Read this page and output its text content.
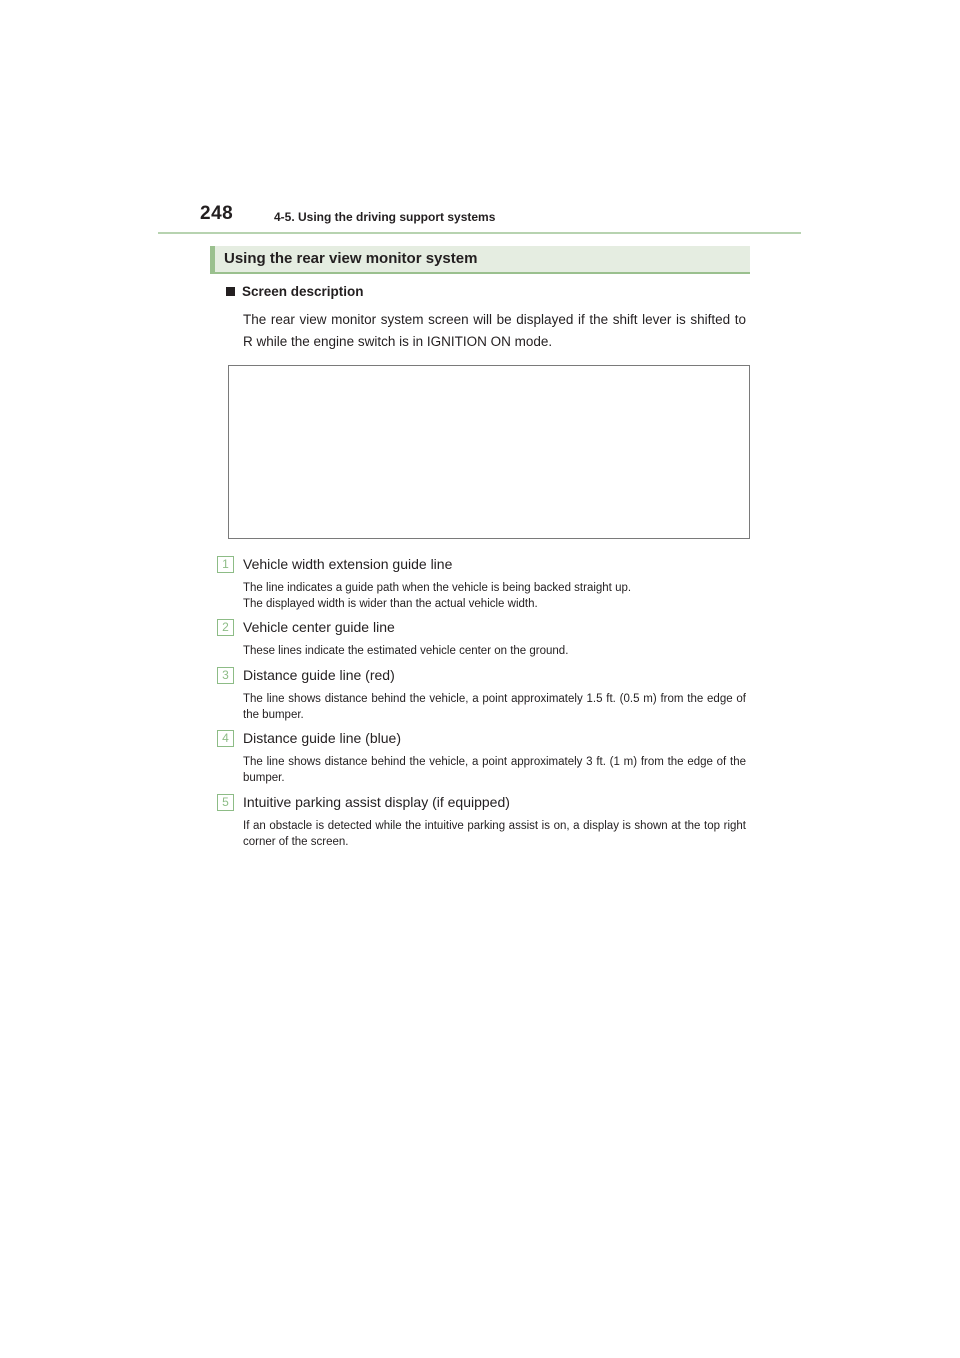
248	4-5. Using the driving support systems
Using the rear view monitor system
Screen description
The rear view monitor system screen will be displayed if the shift lever is shifted to R while the engine switch is in IGNITION ON mode.
1	Vehicle width extension guide line
The line indicates a guide path when the vehicle is being backed straight up.
The displayed width is wider than the actual vehicle width.
2	Vehicle center guide line
These lines indicate the estimated vehicle center on the ground.
3	Distance guide line (red)
The line shows distance behind the vehicle, a point approximately 1.5 ft. (0.5 m) from the edge of the bumper.
4	Distance guide line (blue)
The line shows distance behind the vehicle, a point approximately 3 ft. (1 m) from the edge of the bumper.
5	Intuitive parking assist display (if equipped)
If an obstacle is detected while the intuitive parking assist is on, a display is shown at the top right corner of the screen.
